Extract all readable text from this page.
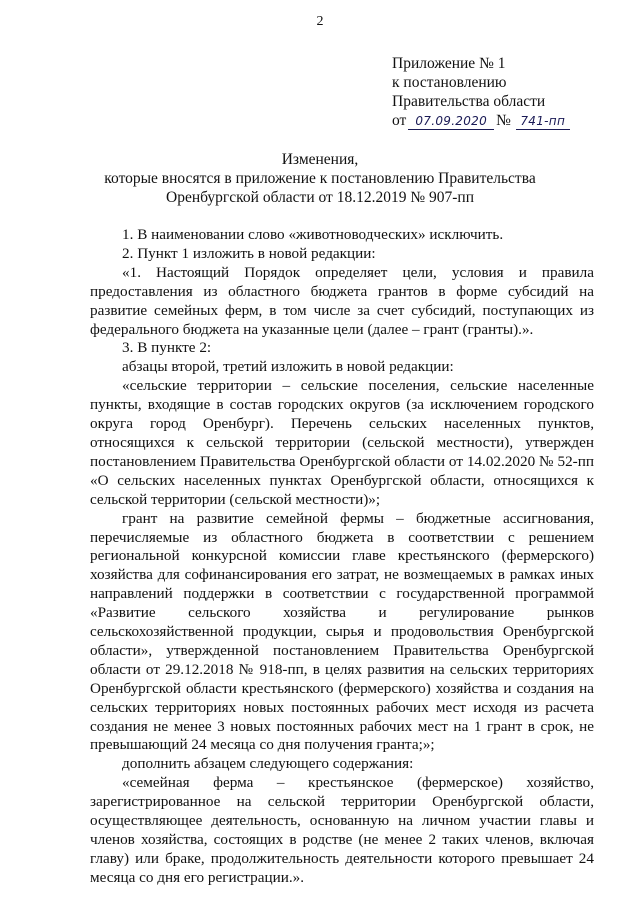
2
Приложение № 1
к постановлению
Правительства области
от 07.09.2020 № 741-пп
Изменения,
которые вносятся в приложение к постановлению Правительства
Оренбургской области от 18.12.2019 № 907-пп

1. В наименовании слово «животноводческих» исключить.

2. Пункт 1 изложить в новой редакции:

«1. Настоящий Порядок определяет цели, условия и правила предоставления из областного бюджета грантов в форме субсидий на развитие семейных ферм, в том числе за счет субсидий, поступающих из федерального бюджета на указанные цели (далее – грант (гранты).».

3. В пункте 2:

абзацы второй, третий изложить в новой редакции:

«сельские территории – сельские поселения, сельские населенные пункты, входящие в состав городских округов (за исключением городского округа город Оренбург). Перечень сельских населенных пунктов, относящихся к сельской территории (сельской местности), утвержден постановлением Правительства Оренбургской области от 14.02.2020 № 52-пп «О сельских населенных пунктах Оренбургской области, относящихся к сельской территории (сельской местности)»;

грант на развитие семейной фермы – бюджетные ассигнования, перечисляемые из областного бюджета в соответствии с решением региональной конкурсной комиссии главе крестьянского (фермерского) хозяйства для софинансирования его затрат, не возмещаемых в рамках иных направлений поддержки в соответствии с государственной программой «Развитие сельского хозяйства и регулирование рынков сельскохозяйственной продукции, сырья и продовольствия Оренбургской области», утвержденной постановлением Правительства Оренбургской области от 29.12.2018 № 918-пп, в целях развития на сельских территориях Оренбургской области крестьянского (фермерского) хозяйства и создания на сельских территориях новых постоянных рабочих мест исходя из расчета создания не менее 3 новых постоянных рабочих мест на 1 грант в срок, не превышающий 24 месяца со дня получения гранта;»;

дополнить абзацем следующего содержания:

«семейная ферма – крестьянское (фермерское) хозяйство, зарегистрированное на сельской территории Оренбургской области, осуществляющее деятельность, основанную на личном участии главы и членов хозяйства, состоящих в родстве (не менее 2 таких членов, включая главу) или браке, продолжительность деятельности которого превышает 24 месяца со дня его регистрации.».
